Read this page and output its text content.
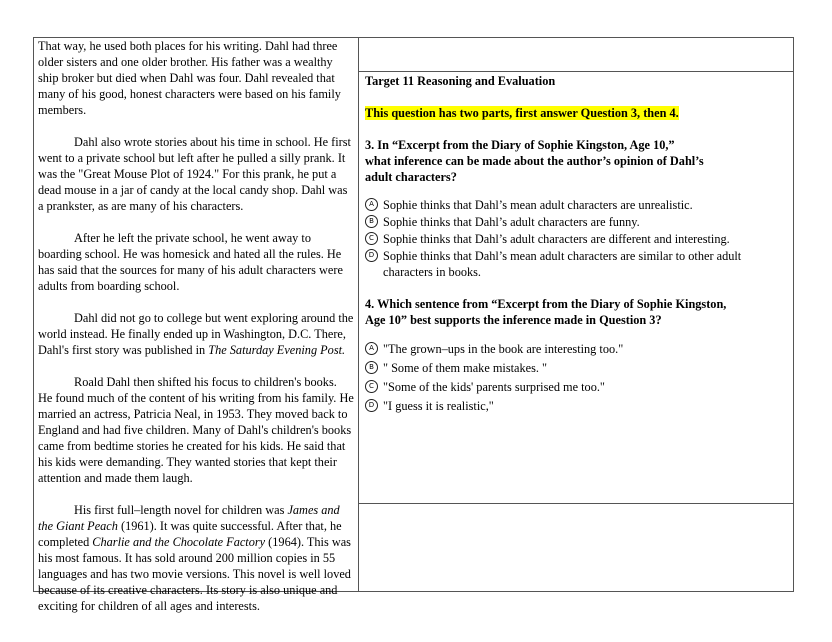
That way, he used both places for his writing. Dahl had three older sisters and one older brother. His father was a wealthy ship broker but died when Dahl was four. Dahl revealed that many of his good, honest characters were based on his family members.

Dahl also wrote stories about his time in school. He first went to a private school but left after he pulled a silly prank. It was the "Great Mouse Plot of 1924." For this prank, he put a dead mouse in a jar of candy at the local candy shop. Dahl was a prankster, as are many of his characters.

After he left the private school, he went away to boarding school. He was homesick and hated all the rules. He has said that the sources for many of his adult characters were adults from boarding school.

Dahl did not go to college but went exploring around the world instead. He finally ended up in Washington, D.C. There, Dahl's first story was published in The Saturday Evening Post.

Roald Dahl then shifted his focus to children's books. He found much of the content of his writing from his family. He married an actress, Patricia Neal, in 1953. They moved back to England and had five children. Many of Dahl's children's books came from bedtime stories he created for his kids. He said that his kids were demanding. They wanted stories that kept their attention and made them laugh.

His first full–length novel for children was James and the Giant Peach (1961). It was quite successful. After that, he completed Charlie and the Chocolate Factory (1964). This was his most famous. It has sold around 200 million copies in 55 languages and has two movie versions. This novel is well loved because of its creative characters. Its story is also unique and exciting for children of all ages and interests.

Target 11 Reasoning and Evaluation
This question has two parts, first answer Question 3, then 4.
3. In “Excerpt from the Diary of Sophie Kingston, Age 10,”
what inference can be made about the author’s opinion of Dahl’s
adult characters?
A Sophie thinks that Dahl’s mean adult characters are unrealistic.
B Sophie thinks that Dahl’s adult characters are funny.
C Sophie thinks that Dahl’s adult characters are different and interesting.
D Sophie thinks that Dahl’s mean adult characters are similar to other adult characters in books.
4. Which sentence from “Excerpt from the Diary of Sophie Kingston,
Age 10” best supports the inference made in Question 3?
A "The grown–ups in the book are interesting too."
B " Some of them make mistakes. "
C "Some of the kids' parents surprised me too."
D "I guess it is realistic,"
